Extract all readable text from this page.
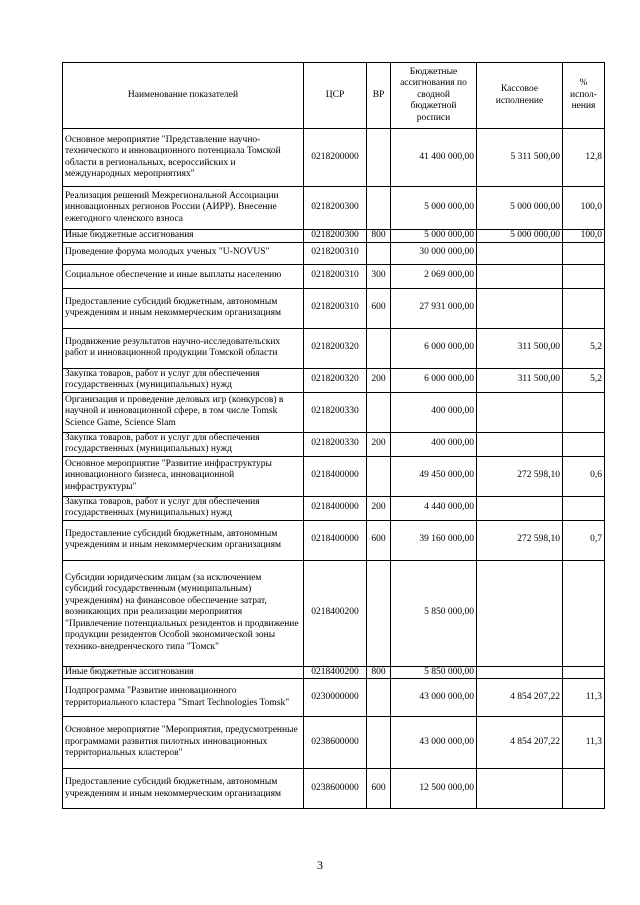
Наименование показателей	ЦСР	ВР	Бюджетные ассигнования по сводной бюджетной росписи	Кассовое исполнение	% испол-нения
Основное мероприятие "Представление научно-технического и инновационного потенциала Томской области в региональных, всероссийских и международных мероприятиях"	0218200000		41 400 000,00	5 311 500,00	12,8
Реализация решений Межрегиональной Ассоциации инновационных регионов России (АИРР). Внесение ежегодного членского взноса	0218200300		5 000 000,00	5 000 000,00	100,0
Иные бюджетные ассигнования	0218200300	800	5 000 000,00	5 000 000,00	100,0
Проведение форума молодых ученых "U-NOVUS"	0218200310		30 000 000,00		
Социальное обеспечение и иные выплаты населению	0218200310	300	2 069 000,00		
Предоставление субсидий бюджетным, автономным учреждениям и иным некоммерческим организациям	0218200310	600	27 931 000,00		
Продвижение результатов научно-исследовательских работ и инновационной продукции Томской области	0218200320		6 000 000,00	311 500,00	5,2
Закупка товаров, работ и услуг для обеспечения государственных (муниципальных) нужд	0218200320	200	6 000 000,00	311 500,00	5,2
Организация и проведение деловых игр (конкурсов) в научной и инновационной сфере, в том числе Tomsk Science Game, Science Slam	0218200330		400 000,00		
Закупка товаров, работ и услуг для обеспечения государственных (муниципальных) нужд	0218200330	200	400 000,00		
Основное мероприятие "Развитие инфраструктуры инновационного бизнеса, инновационной инфраструктуры"	0218400000		49 450 000,00	272 598,10	0,6
Закупка товаров, работ и услуг для обеспечения государственных (муниципальных) нужд	0218400000	200	4 440 000,00		
Предоставление субсидий бюджетным, автономным учреждениям и иным некоммерческим организациям	0218400000	600	39 160 000,00	272 598,10	0,7
Субсидии юридическим лицам (за исключением субсидий государственным (муниципальным) учреждениям) на финансовое обеспечение затрат, возникающих при реализации мероприятия "Привлечение потенциальных резидентов и продвижение продукции резидентов Особой экономической зоны технико-внедренческого типа "Томск"	0218400200		5 850 000,00		
Иные бюджетные ассигнования	0218400200	800	5 850 000,00		
Подпрограмма "Развитие инновационного территориального кластера "Smart Technologies Tomsk"	0230000000		43 000 000,00	4 854 207,22	11,3
Основное мероприятие "Мероприятия, предусмотренные программами развития пилотных инновационных территориальных кластеров"	0238600000		43 000 000,00	4 854 207,22	11,3
Предоставление субсидий бюджетным, автономным учреждениям и иным некоммерческим организациям	0238600000	600	12 500 000,00		
3
